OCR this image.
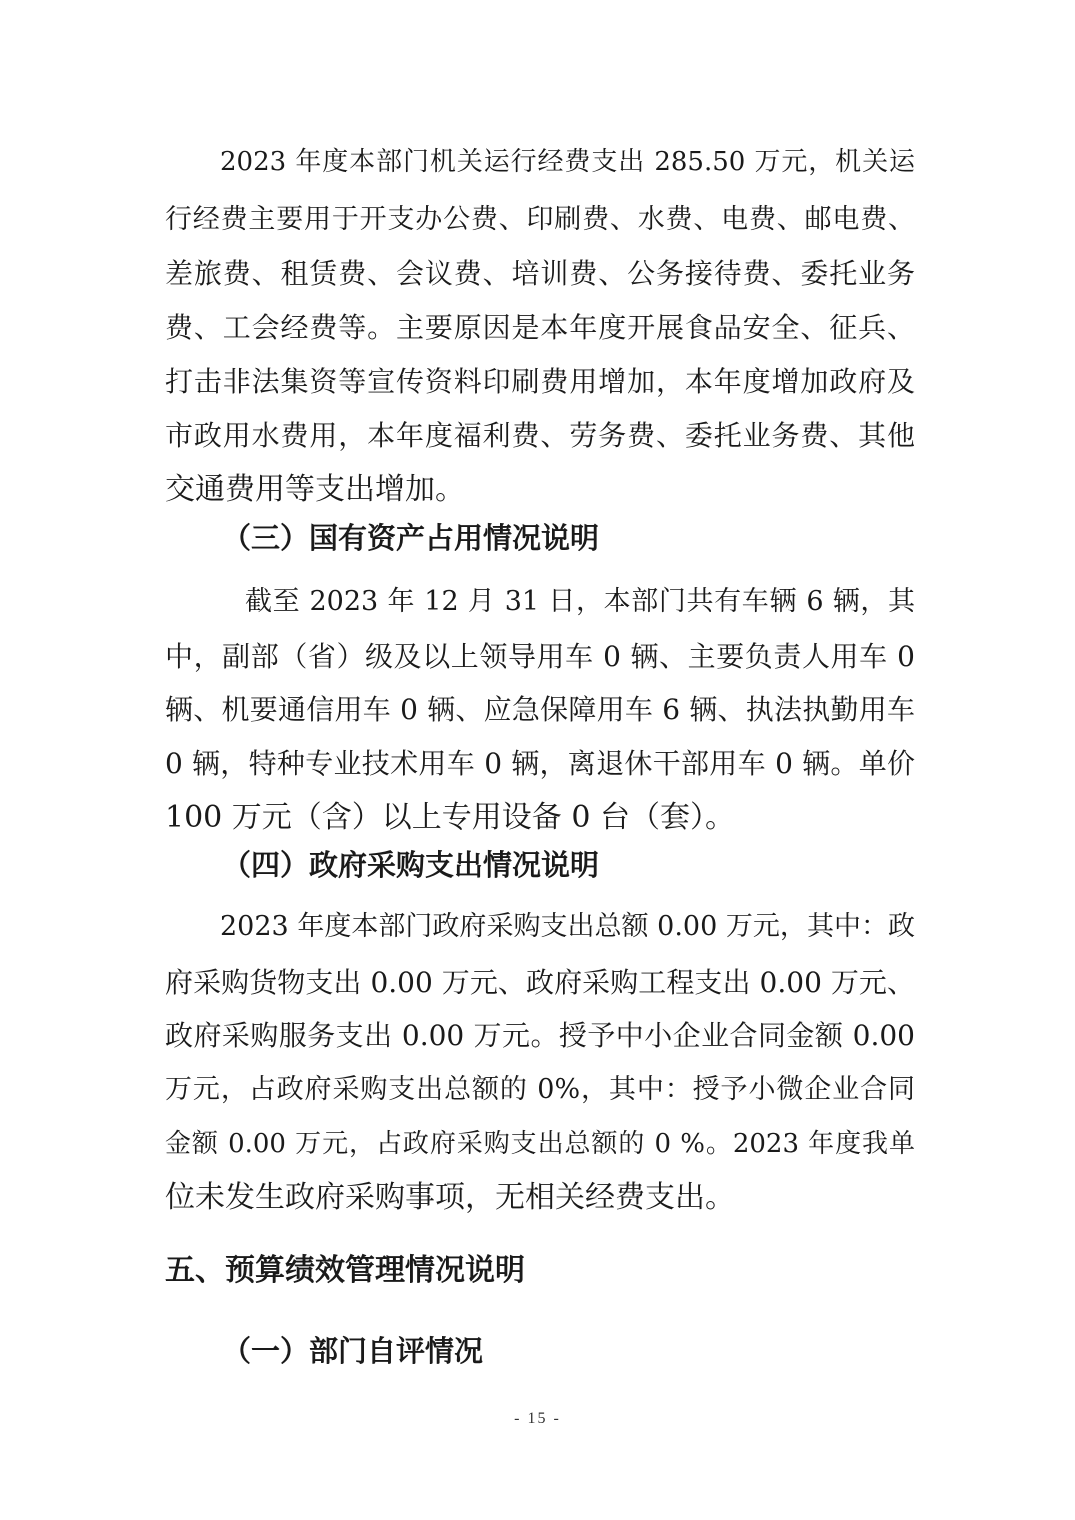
2023 年度本部门机关运行经费支出 285.50 万元，机关运
行经费主要用于开支办公费、印刷费、水费、电费、邮电费、
差旅费、租赁费、会议费、培训费、公务接待费、委托业务
费、工会经费等。主要原因是本年度开展食品安全、征兵、
打击非法集资等宣传资料印刷费用增加，本年度增加政府及
市政用水费用，本年度福利费、劳务费、委托业务费、其他
交通费用等支出增加。
（三）国有资产占用情况说明
截至 2023 年 12 月 31 日，本部门共有车辆 6 辆，其
中，副部（省）级及以上领导用车 0 辆、主要负责人用车 0
辆、机要通信用车 0 辆、应急保障用车 6 辆、执法执勤用车
0 辆，特种专业技术用车 0 辆，离退休干部用车 0 辆。单价
100 万元（含）以上专用设备 0 台（套）。
（四）政府采购支出情况说明
2023 年度本部门政府采购支出总额 0.00 万元，其中：政
府采购货物支出 0.00 万元、政府采购工程支出 0.00 万元、
政府采购服务支出 0.00 万元。授予中小企业合同金额 0.00
万元，占政府采购支出总额的 0%，其中：授予小微企业合同
金额 0.00 万元，占政府采购支出总额的 0 %。2023 年度我单
位未发生政府采购事项，无相关经费支出。
五、预算绩效管理情况说明
（一）部门自评情况
- 15 -
